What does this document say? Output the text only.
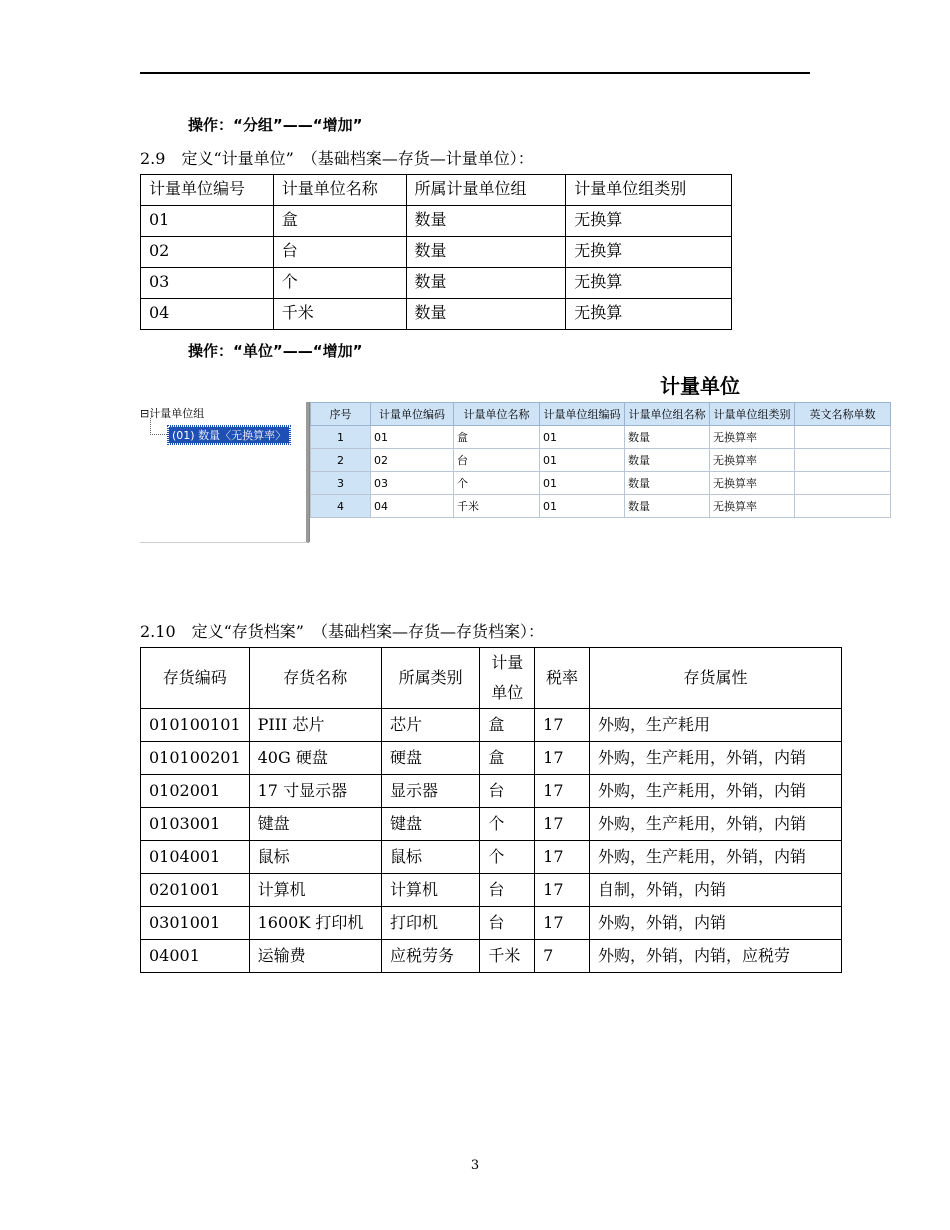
操作：“分组”——“增加”
2.9　定义“计量单位”　（基础档案—存货—计量单位）：
计量单位编号	计量单位名称	所属计量单位组	计量单位组类别
01	盒	数量	无换算
02	台	数量	无换算
03	个	数量	无换算
04	千米	数量	无换算
操作：“单位”——“增加”
计量单位
⊟计量单位组
(01) 数量〈无换算率〉
序号	计量单位编码	计量单位名称	计量单位组编码	计量单位组名称	计量单位组类别	英文名称单数
1	01	盒	01	数量	无换算率	
2	02	台	01	数量	无换算率	
3	03	个	01	数量	无换算率	
4	04	千米	01	数量	无换算率	
2.10　定义“存货档案”　（基础档案—存货—存货档案）：
存货编码	存货名称	所属类别	计量单位	税率	存货属性
010100101	PIII 芯片	芯片	盒	17	外购，生产耗用
010100201	40G 硬盘	硬盘	盒	17	外购，生产耗用，外销，内销
0102001	17 寸显示器	显示器	台	17	外购，生产耗用，外销，内销
0103001	键盘	键盘	个	17	外购，生产耗用，外销，内销
0104001	鼠标	鼠标	个	17	外购，生产耗用，外销，内销
0201001	计算机	计算机	台	17	自制，外销，内销
0301001	1600K 打印机	打印机	台	17	外购，外销，内销
04001	运输费	应税劳务	千米	7	外购，外销，内销，应税劳
3
